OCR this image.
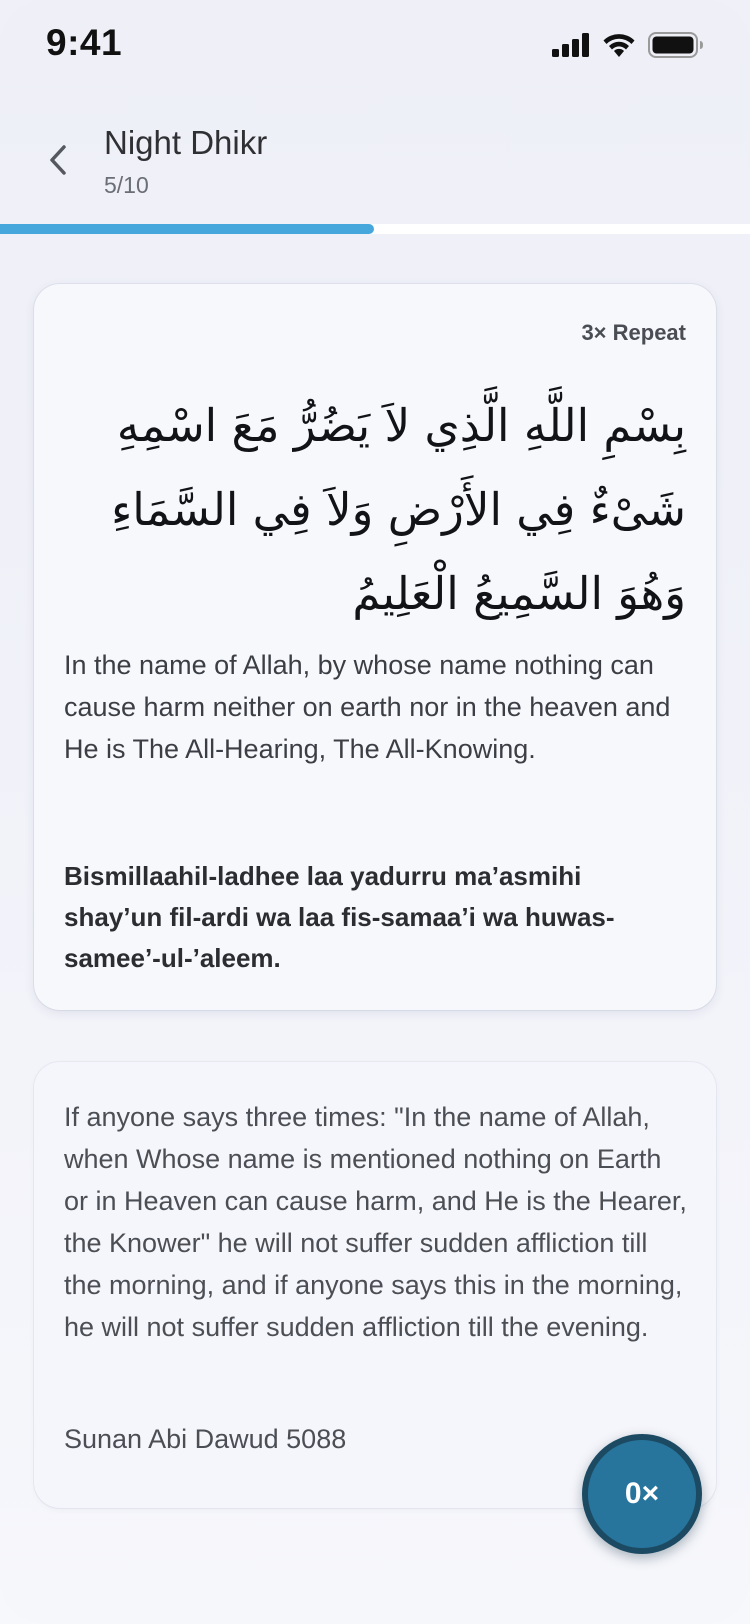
9:41
Night Dhikr
5/10
3× Repeat
بِسْمِ اللَّهِ الَّذِي لاَ يَضُرُّ مَعَ اسْمِهِ شَىْءٌ فِي الأَرْضِ وَلاَ فِي السَّمَاءِ وَهُوَ السَّمِيعُ الْعَلِيمُ
In the name of Allah, by whose name nothing can cause harm neither on earth nor in the heaven and He is The All-Hearing, The All-Knowing.
Bismillaahil-ladhee laa yadurru ma’asmihi shay’un fil-ardi wa laa fis-samaa’i wa huwas-samee’-ul-’aleem.
If anyone says three times: "In the name of Allah, when Whose name is mentioned nothing on Earth or in Heaven can cause harm, and He is the Hearer, the Knower" he will not suffer sudden affliction till the morning, and if anyone says this in the morning, he will not suffer sudden affliction till the evening.
Sunan Abi Dawud 5088
0×
